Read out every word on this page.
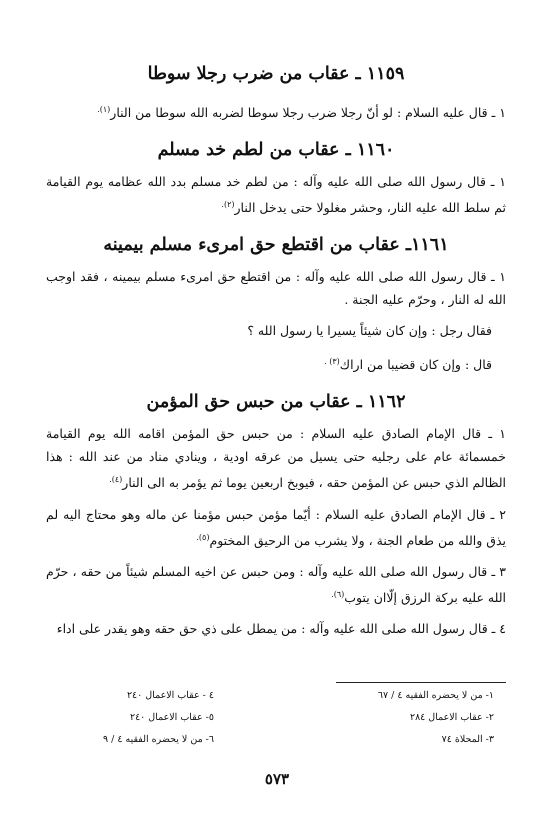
١١٥٩ ـ عقاب من ضرب رجلا سوطا

١ ـ قال عليه السلام : لو أنّ رجلا ضرب رجلا سوطا لضربه الله سوطا من النار$^{(١).}$

١١٦٠ ـ عقاب من لطم خد مسلم

١ ـ قال رسول الله صلى الله عليه وآله : من لطم خد مسلم بدد الله عظامه يوم القيامة ثم سلط الله عليه النار، وحشر مغلولا حتى يدخل النار$^{(٢).}$

١١٦١ـ عقاب من اقتطع حق امرىء مسلم بيمينه

١ ـ قال رسول الله صلى الله عليه وآله : من اقتطع حق امرىء مسلم بيمينه ، فقد اوجب الله له النار ، وحرّم عليه الجنة .

فقال رجل : وإن كان شيئاً يسيرا يا رسول الله ؟

قال : وإن كان قضيبا من اراك$^{(٣) .}$

١١٦٢ ـ عقاب من حبس حق المؤمن

١ ـ قال الإمام الصادق عليه السلام : من حبس حق المؤمن اقامه الله يوم القيامة خمسمائة عام على رجليه حتى يسيل من عرقه اودية ، وينادي مناد من عند الله : هذا الظالم الذي حبس عن المؤمن حقه ، فيوبخ اربعين يوما ثم يؤمر به الى النار$^{(٤).}$

٢ ـ قال الإمام الصادق عليه السلام : أيّما مؤمن حبس مؤمنا عن ماله وهو محتاج اليه لم يذق والله من طعام الجنة ، ولا يشرب من الرحيق المختوم$^{(٥).}$

٣ ـ قال رسول الله صلى الله عليه وآله : ومن حبس عن اخيه المسلم شيئاً من حقه ، حرّم الله عليه بركة الرزق إلّاان يتوب$^{(٦).}$

٤ ـ قال رسول الله صلى الله عليه وآله : من يمطل على ذي حق حقه وهو يقدر على اداء

١- من لا يحضره الفقيه ٤ / ٦٧
٢- عقاب الاعمال ٢٨٤
٣- المحلاة ٧٤
٤ - عقاب الاعمال ٢٤٠
٥- عقاب الاعمال ٢٤٠
٦- من لا يحضره الفقيه ٤ / ٩
٥٧٣
